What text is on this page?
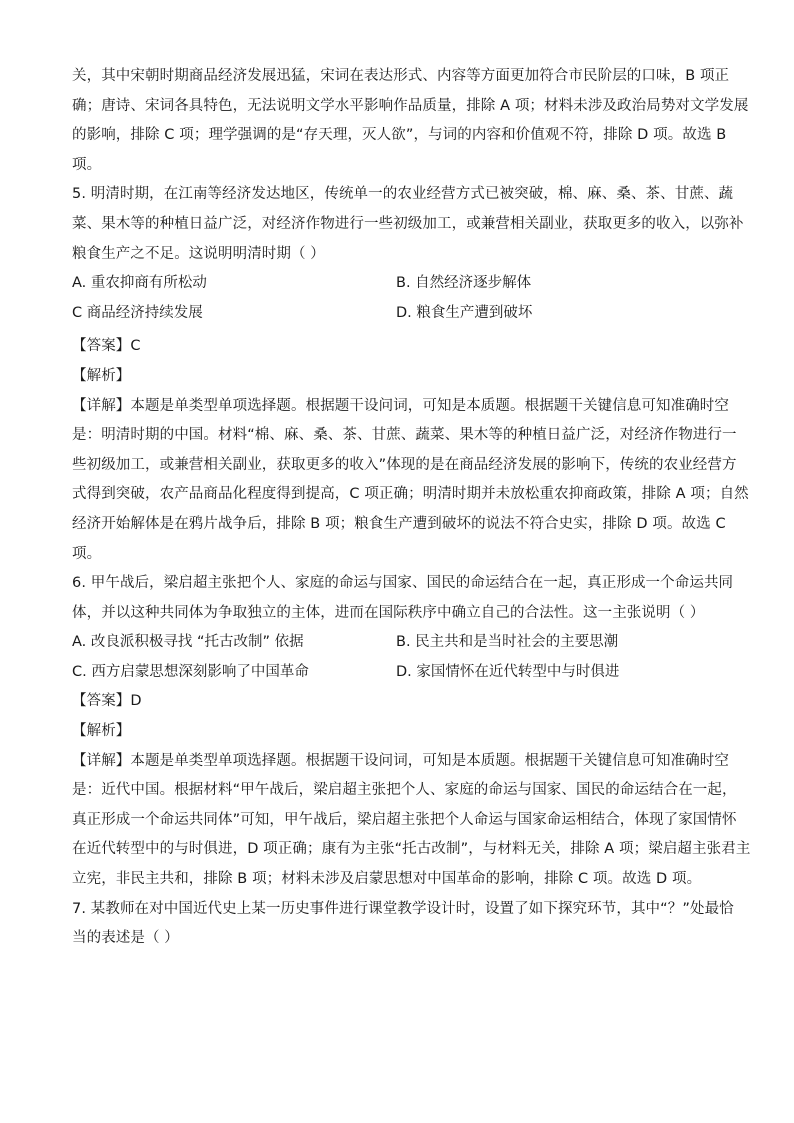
关，其中宋朝时期商品经济发展迅猛，宋词在表达形式、内容等方面更加符合市民阶层的口味，B 项正
确；唐诗、宋词各具特色，无法说明文学水平影响作品质量，排除 A 项；材料未涉及政治局势对文学发展
的影响，排除 C 项；理学强调的是“存天理，灭人欲”，与词的内容和价值观不符，排除 D 项。故选 B
项。
5. 明清时期，在江南等经济发达地区，传统单一的农业经营方式已被突破，棉、麻、桑、茶、甘蔗、蔬
菜、果木等的种植日益广泛，对经济作物进行一些初级加工，或兼营相关副业，获取更多的收入，以弥补
粮食生产之不足。这说明明清时期（ ）
A. 重农抑商有所松动	B. 自然经济逐步解体
C 商品经济持续发展	D. 粮食生产遭到破坏
【答案】C
【解析】
【详解】本题是单类型单项选择题。根据题干设问词，可知是本质题。根据题干关键信息可知准确时空
是：明清时期的中国。材料“棉、麻、桑、茶、甘蔗、蔬菜、果木等的种植日益广泛，对经济作物进行一
些初级加工，或兼营相关副业，获取更多的收入”体现的是在商品经济发展的影响下，传统的农业经营方
式得到突破，农产品商品化程度得到提高，C 项正确；明清时期并未放松重农抑商政策，排除 A 项；自然
经济开始解体是在鸦片战争后，排除 B 项；粮食生产遭到破坏的说法不符合史实，排除 D 项。故选 C
项。
6. 甲午战后，梁启超主张把个人、家庭的命运与国家、国民的命运结合在一起，真正形成一个命运共同
体，并以这种共同体为争取独立的主体，进而在国际秩序中确立自己的合法性。这一主张说明（ ）
A. 改良派积极寻找 “托古改制” 依据	B. 民主共和是当时社会的主要思潮
C. 西方启蒙思想深刻影响了中国革命	D. 家国情怀在近代转型中与时俱进
【答案】D
【解析】
【详解】本题是单类型单项选择题。根据题干设问词，可知是本质题。根据题干关键信息可知准确时空
是：近代中国。根据材料“甲午战后，梁启超主张把个人、家庭的命运与国家、国民的命运结合在一起，
真正形成一个命运共同体”可知，甲午战后，梁启超主张把个人命运与国家命运相结合，体现了家国情怀
在近代转型中的与时俱进，D 项正确；康有为主张“托古改制”，与材料无关，排除 A 项；梁启超主张君主
立宪，非民主共和，排除 B 项；材料未涉及启蒙思想对中国革命的影响，排除 C 项。故选 D 项。
7. 某教师在对中国近代史上某一历史事件进行课堂教学设计时，设置了如下探究环节，其中“？”处最恰
当的表述是（ ）
